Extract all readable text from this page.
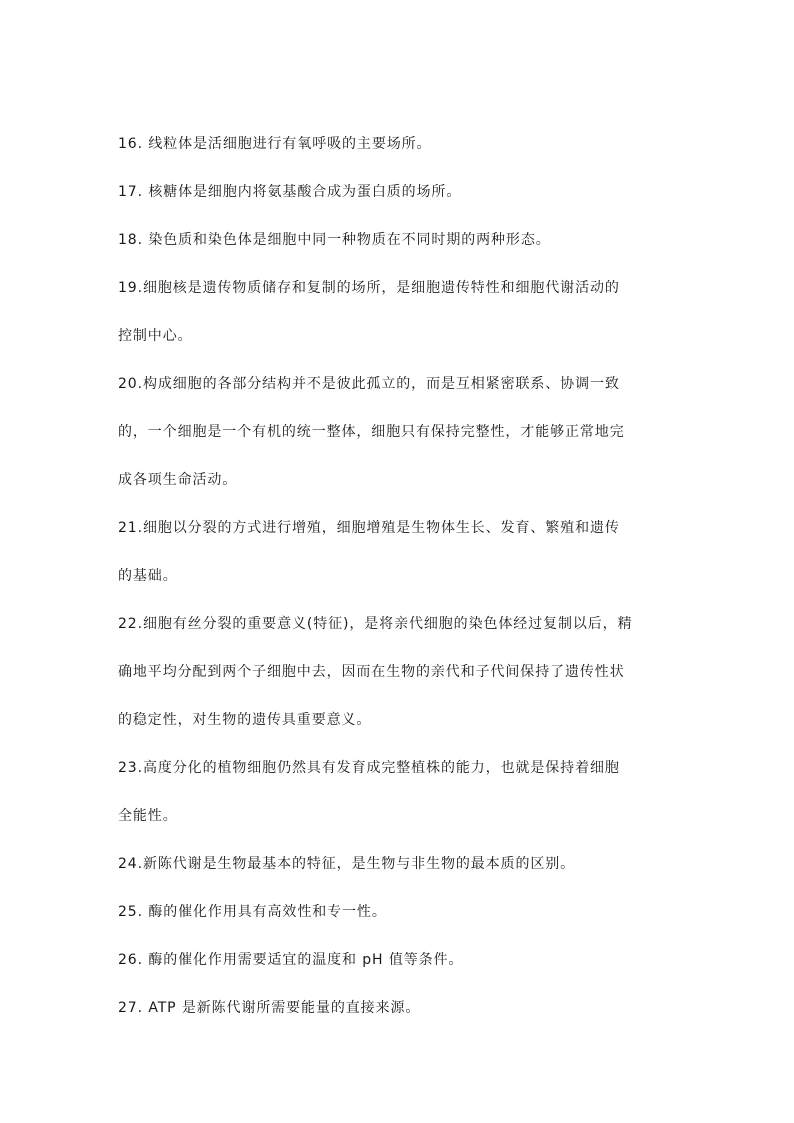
16. 线粒体是活细胞进行有氧呼吸的主要场所。

17. 核糖体是细胞内将氨基酸合成为蛋白质的场所。

18. 染色质和染色体是细胞中同一种物质在不同时期的两种形态。

19.细胞核是遗传物质储存和复制的场所，是细胞遗传特性和细胞代谢活动的
控制中心。

20.构成细胞的各部分结构并不是彼此孤立的，而是互相紧密联系、协调一致
的，一个细胞是一个有机的统一整体，细胞只有保持完整性，才能够正常地完
成各项生命活动。

21.细胞以分裂的方式进行增殖，细胞增殖是生物体生长、发育、繁殖和遗传
的基础。

22.细胞有丝分裂的重要意义(特征)，是将亲代细胞的染色体经过复制以后，精
确地平均分配到两个子细胞中去，因而在生物的亲代和子代间保持了遗传性状
的稳定性，对生物的遗传具重要意义。

23.高度分化的植物细胞仍然具有发育成完整植株的能力，也就是保持着细胞
全能性。

24.新陈代谢是生物最基本的特征，是生物与非生物的最本质的区别。

25. 酶的催化作用具有高效性和专一性。

26. 酶的催化作用需要适宜的温度和 pH 值等条件。

27. ATP 是新陈代谢所需要能量的直接来源。
